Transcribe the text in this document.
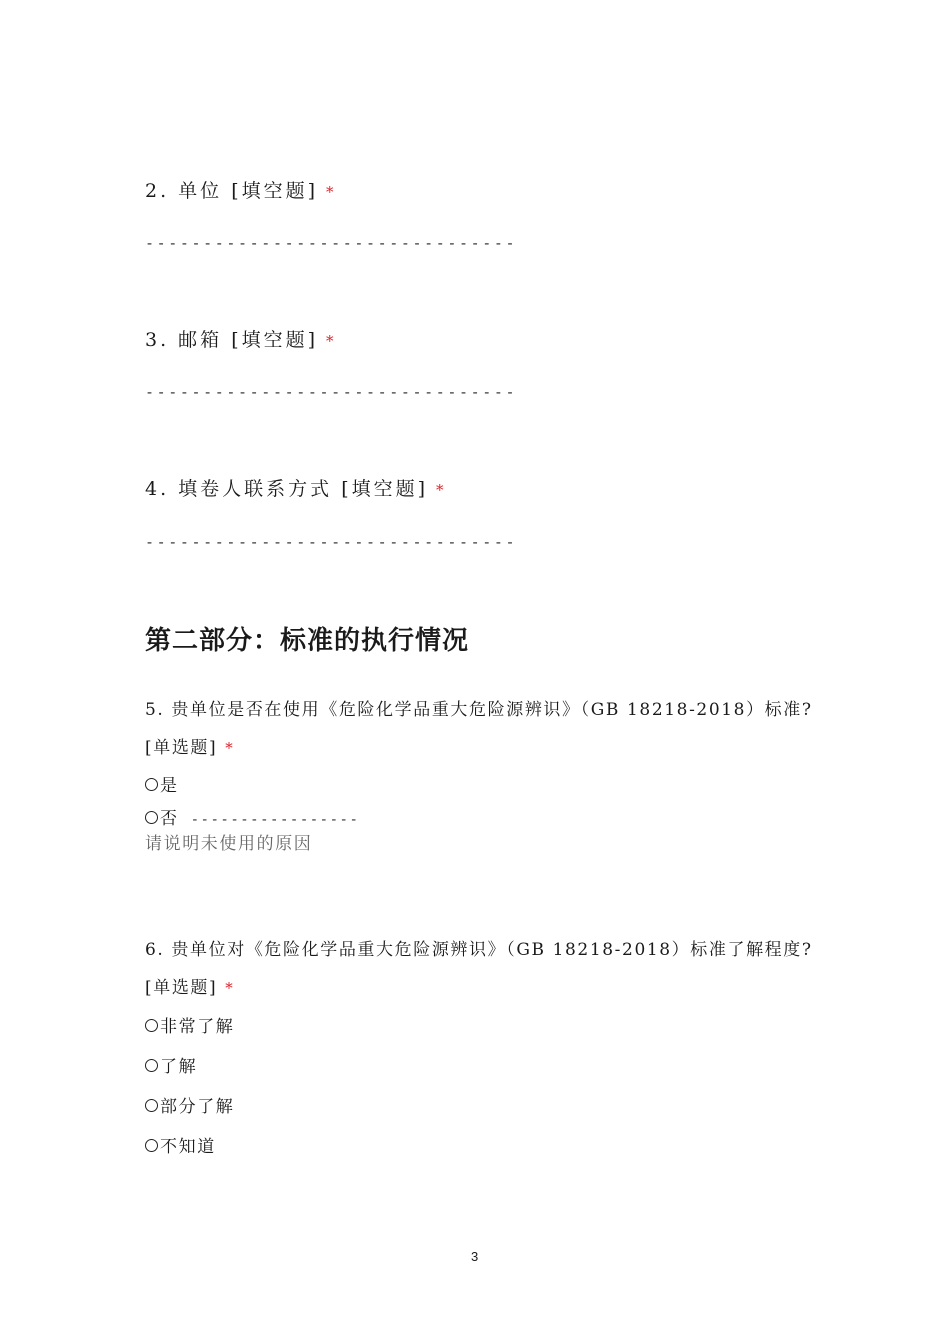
2. 单位 [填空题] *
--------------------------------
3. 邮箱 [填空题] *
--------------------------------
4. 填卷人联系方式 [填空题] *
--------------------------------
第二部分：标准的执行情况
5. 贵单位是否在使用《危险化学品重大危险源辨识》（GB 18218-2018）标准?
[单选题] *
是
否 -----------------
请说明未使用的原因
6. 贵单位对《危险化学品重大危险源辨识》（GB 18218-2018）标准了解程度?
[单选题] *
非常了解
了解
部分了解
不知道
3
